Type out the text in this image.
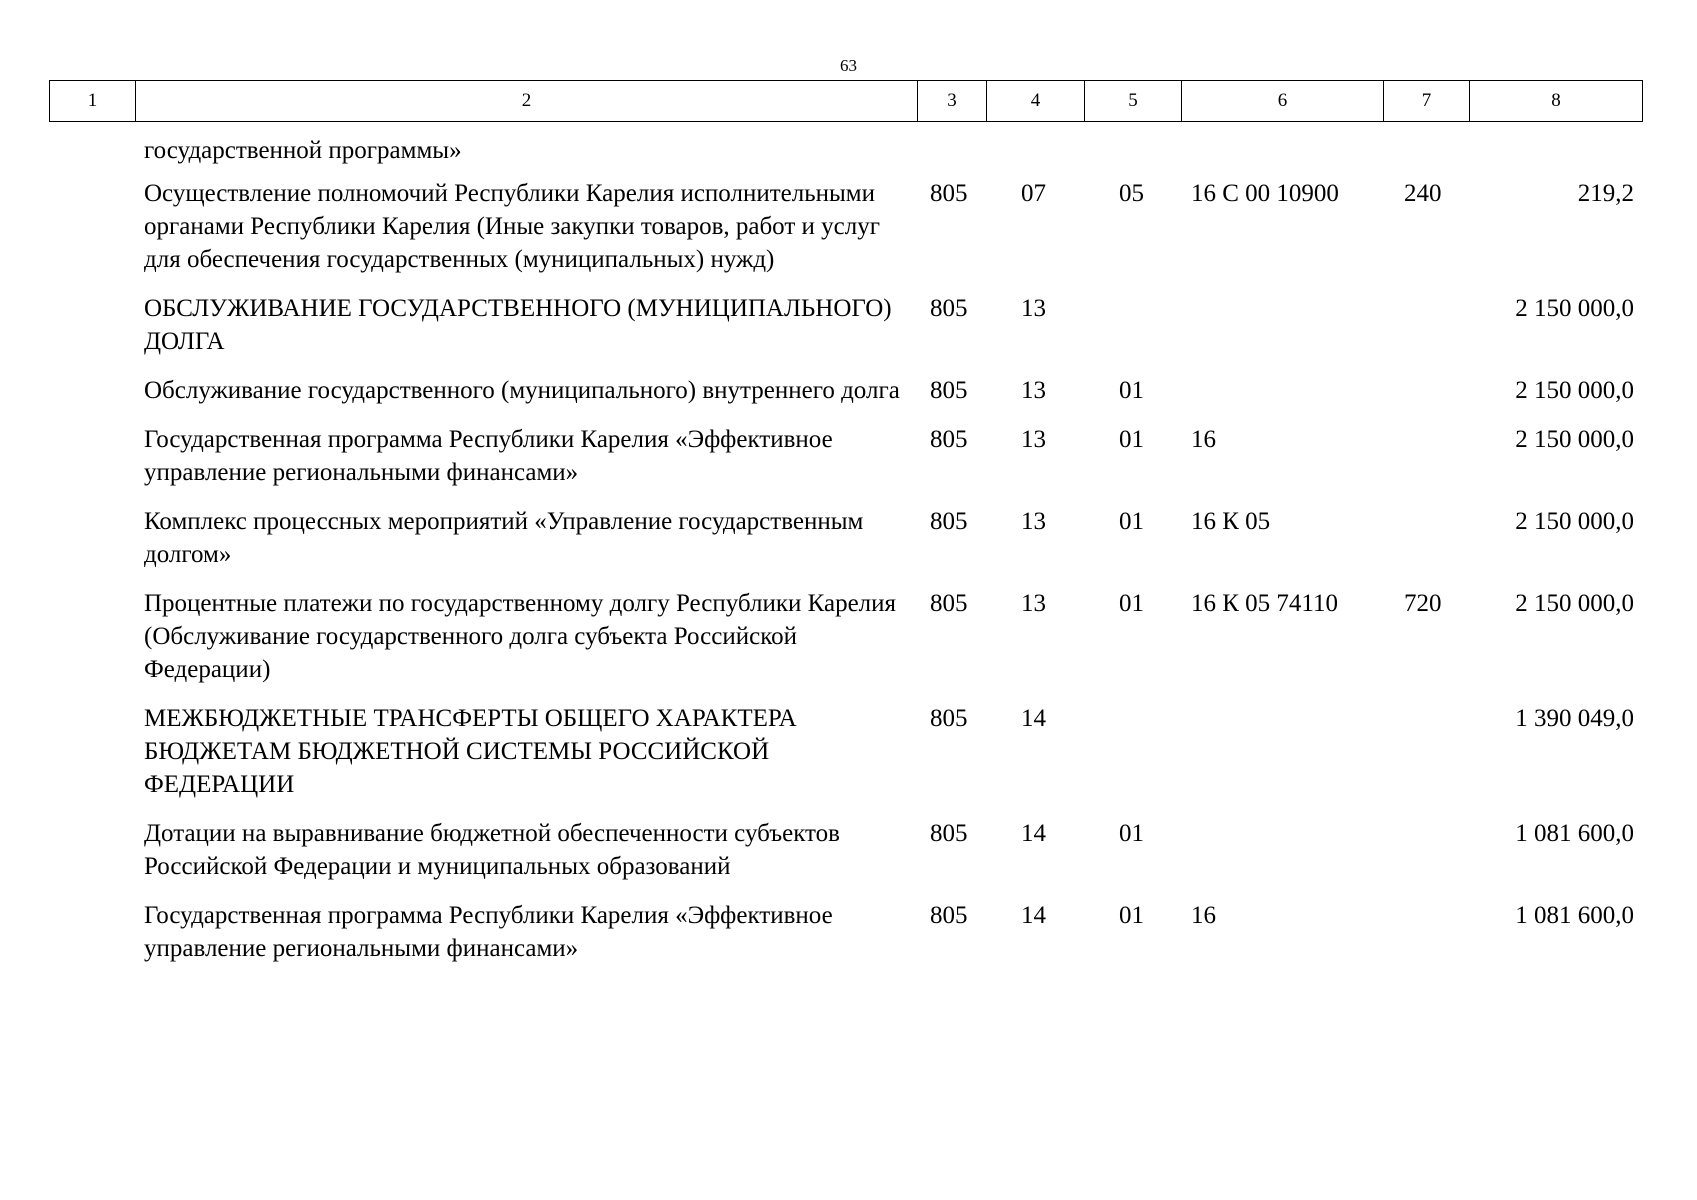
63
1	2	3	4	5	6	7	8
государственной программы»						

Осуществление полномочий Республики Карелия исполнительными органами Республики Карелия (Иные закупки товаров, работ и услуг для обеспечения государственных (муниципальных) нужд)	805	07	05	16 С 00 10900	240	219,2

ОБСЛУЖИВАНИЕ ГОСУДАРСТВЕННОГО (МУНИЦИПАЛЬНОГО) ДОЛГА	805	13				2 150 000,0

Обслуживание государственного (муниципального) внутреннего долга	805	13	01			2 150 000,0

Государственная программа Республики Карелия «Эффективное управление региональными финансами»	805	13	01	16		2 150 000,0

Комплекс процессных мероприятий «Управление государственным долгом»	805	13	01	16 К 05		2 150 000,0

Процентные платежи по государственному долгу Республики Карелия (Обслуживание государственного долга субъекта Российской Федерации)	805	13	01	16 К 05 74110	720	2 150 000,0

МЕЖБЮДЖЕТНЫЕ ТРАНСФЕРТЫ ОБЩЕГО ХАРАКТЕРА БЮДЖЕТАМ БЮДЖЕТНОЙ СИСТЕМЫ РОССИЙСКОЙ ФЕДЕРАЦИИ	805	14				1 390 049,0

Дотации на выравнивание бюджетной обеспеченности субъектов Российской Федерации и муниципальных образований	805	14	01			1 081 600,0

Государственная программа Республики Карелия «Эффективное управление региональными финансами»	805	14	01	16		1 081 600,0
